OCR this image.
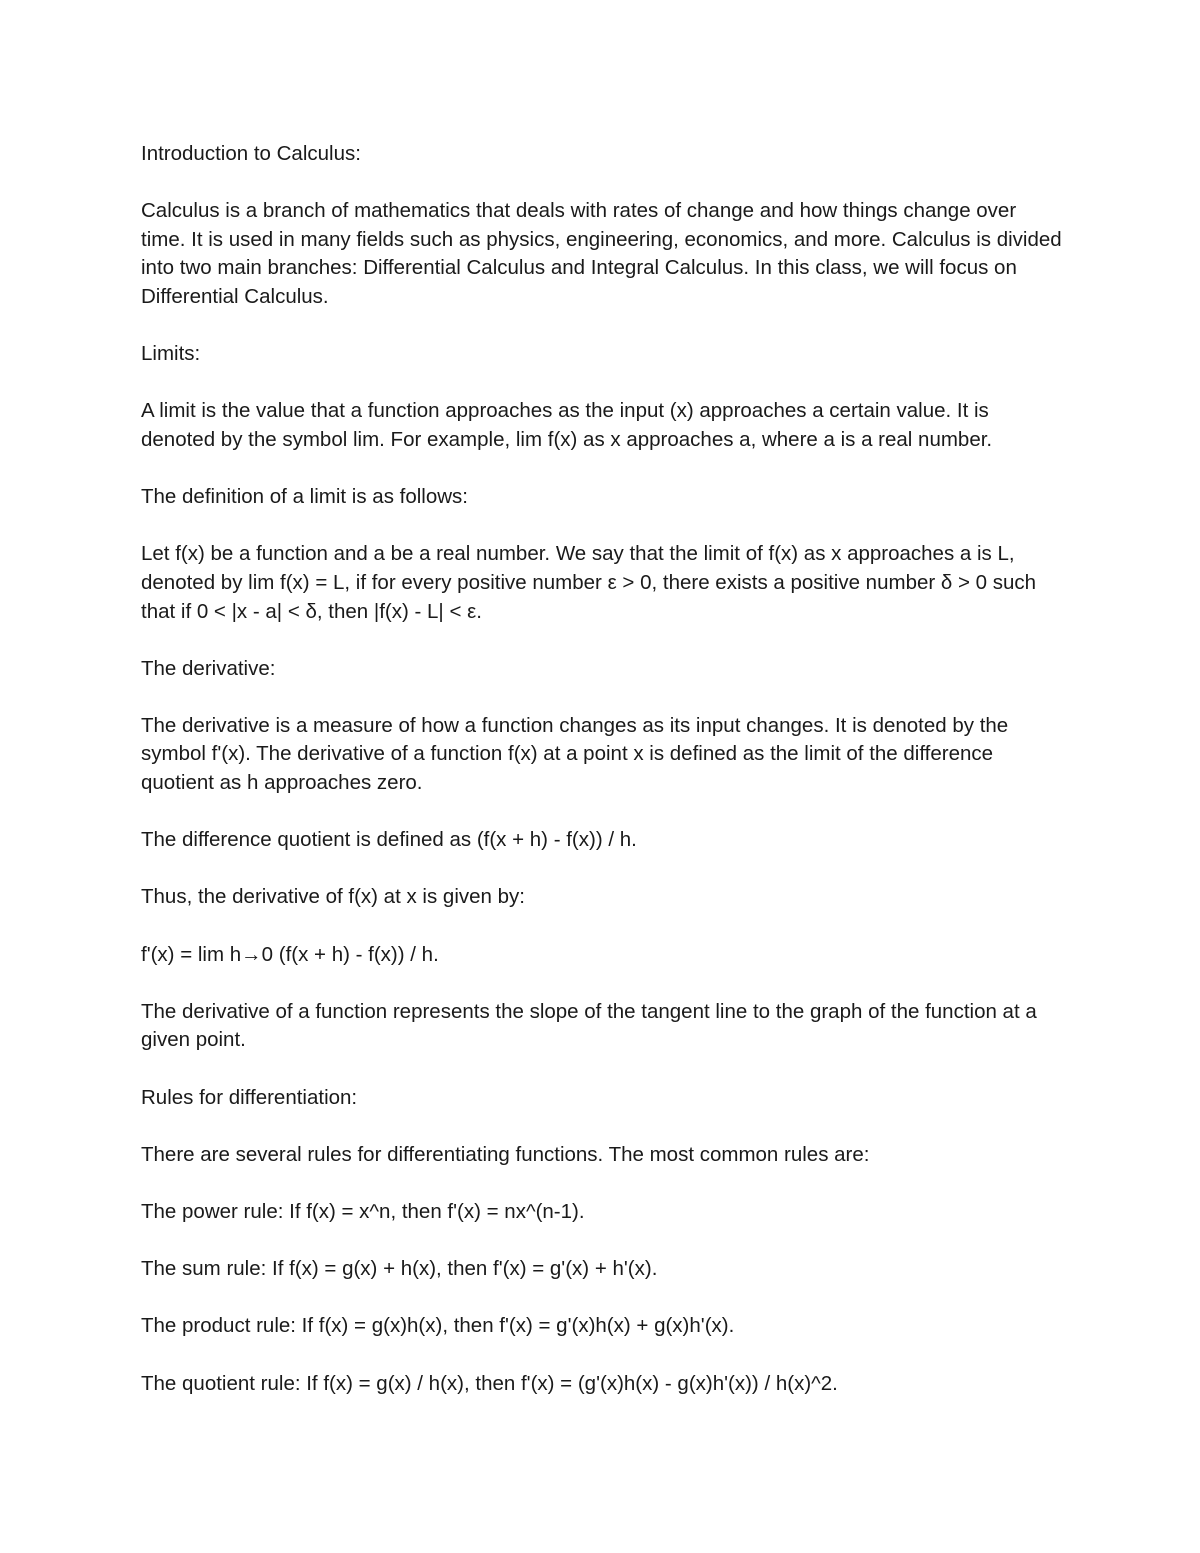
Introduction to Calculus:

Calculus is a branch of mathematics that deals with rates of change and how things change over time. It is used in many fields such as physics, engineering, economics, and more. Calculus is divided into two main branches: Differential Calculus and Integral Calculus. In this class, we will focus on Differential Calculus.

Limits:

A limit is the value that a function approaches as the input (x) approaches a certain value. It is denoted by the symbol lim. For example, lim f(x) as x approaches a, where a is a real number.

The definition of a limit is as follows:

Let f(x) be a function and a be a real number. We say that the limit of f(x) as x approaches a is L, denoted by lim f(x) = L, if for every positive number ε > 0, there exists a positive number δ > 0 such that if 0 < |x - a| < δ, then |f(x) - L| < ε.

The derivative:

The derivative is a measure of how a function changes as its input changes. It is denoted by the symbol f'(x). The derivative of a function f(x) at a point x is defined as the limit of the difference quotient as h approaches zero.

The difference quotient is defined as (f(x + h) - f(x)) / h.

Thus, the derivative of f(x) at x is given by:

f'(x) = lim h→0 (f(x + h) - f(x)) / h.

The derivative of a function represents the slope of the tangent line to the graph of the function at a given point.

Rules for differentiation:

There are several rules for differentiating functions. The most common rules are:

The power rule: If f(x) = x^n, then f'(x) = nx^(n-1).

The sum rule: If f(x) = g(x) + h(x), then f'(x) = g'(x) + h'(x).

The product rule: If f(x) = g(x)h(x), then f'(x) = g'(x)h(x) + g(x)h'(x).

The quotient rule: If f(x) = g(x) / h(x), then f'(x) = (g'(x)h(x) - g(x)h'(x)) / h(x)^2.
